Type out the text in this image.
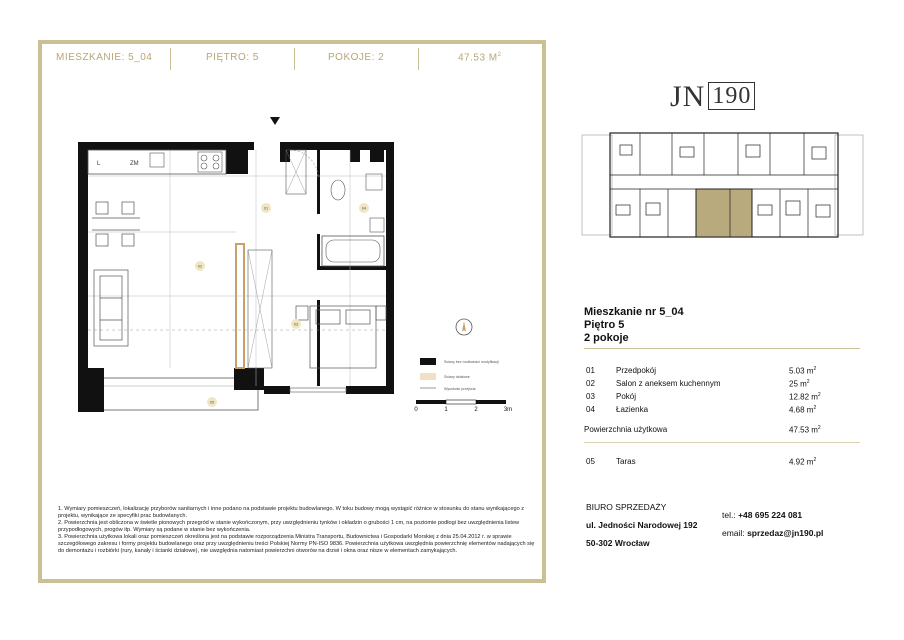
MIESZKANIE: 5_04	PIĘTRO: 5	POKOJE: 2	47.53 $M^2$
L	ZM
01
02
03
04
05
Ściany bez możliwości modyfikacji
Ściany działowe
Wysokość przejścia
0	1	2	3m

1. Wymiary pomieszczeń, lokalizację przyborów sanitarnych i inne podano na podstawie projektu budowlanego. W toku budowy mogą wystąpić różnice w stosunku do stanu wynikającego z projektu, wynikające ze specyfiki prac budowlanych.

2. Powierzchnia jest obliczona w świetle pionowych przegród w stanie wykończonym, przy uwzględnieniu tynków i okładzin o grubości 1 cm, na poziomie podłogi bez uwzględnienia listew przypodłogowych, progów itp. Wymiary są podane w stanie bez wykończenia.

3. Powierzchnia użytkowa lokali oraz pomieszczeń określona jest na podstawie rozporządzenia Ministra Transportu, Budownictwa i Gospodarki Morskiej z dnia 25.04.2012 r. w sprawie szczegółowego zakresu i formy projektu budowlanego oraz przy uwzględnieniu treści Polskiej Normy PN-ISO 9836. Powierzchnia użytkowa uwzględnia powierzchnię elementów nadających się do demontażu i rozbiórki (rury, kanały i ścianki działowe), nie uwzględnia natomiast powierzchni otworów na drzwi i okna oraz nisze w elementach zamykających.

JN 190
Mieszkanie nr 5_04
Piętro 5
2 pokoje
01	Przedpokój	5.03 $m^2$
02	Salon z aneksem kuchennym	25 $m^2$
03	Pokój	12.82 $m^2$
04	Łazienka	4.68 $m^2$
Powierzchnia użytkowa	47.53 $m^2$
05	Taras	4.92 $m^2$
BIURO SPRZEDAŻY
ul. Jedności Narodowej 192
50-302 Wrocław
tel.: +48 695 224 081
email: sprzedaz@jn190.pl
